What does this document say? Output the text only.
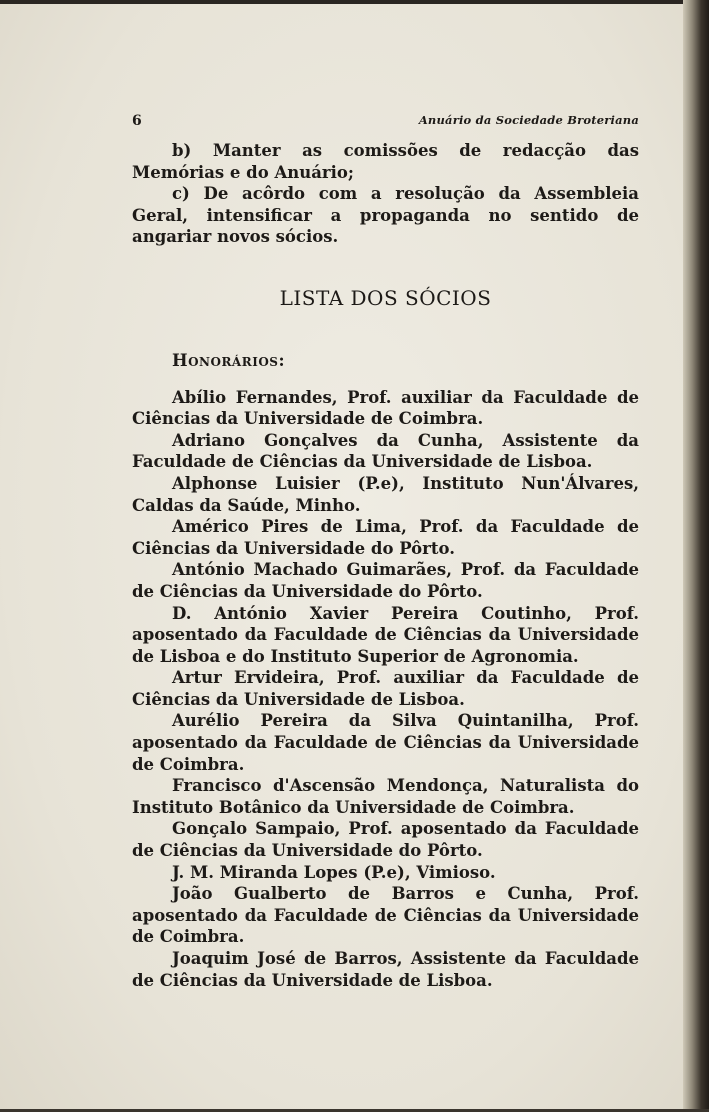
6	Anuário da Sociedade Broteriana

b) Manter as comissões de redacção das Memórias e do Anuário;

c) De acôrdo com a resolução da Assembleia Geral, intensificar a propaganda no sentido de angariar novos sócios.

LISTA DOS SÓCIOS

Honorários:

Abílio Fernandes, Prof. auxiliar da Faculdade de Ciências da Universidade de Coimbra.

Adriano Gonçalves da Cunha, Assistente da Faculdade de Ciências da Universidade de Lisboa.

Alphonse Luisier (P.e), Instituto Nun'Álvares, Caldas da Saúde, Minho.

Américo Pires de Lima, Prof. da Faculdade de Ciências da Universidade do Pôrto.

António Machado Guimarães, Prof. da Faculdade de Ciências da Universidade do Pôrto.

D. António Xavier Pereira Coutinho, Prof. aposentado da Faculdade de Ciências da Universidade de Lisboa e do Instituto Superior de Agronomia.

Artur Ervideira, Prof. auxiliar da Faculdade de Ciências da Universidade de Lisboa.

Aurélio Pereira da Silva Quintanilha, Prof. aposentado da Faculdade de Ciências da Universidade de Coimbra.

Francisco d'Ascensão Mendonça, Naturalista do Instituto Botânico da Universidade de Coimbra.

Gonçalo Sampaio, Prof. aposentado da Faculdade de Ciências da Universidade do Pôrto.

J. M. Miranda Lopes (P.e), Vimioso.

João Gualberto de Barros e Cunha, Prof. aposentado da Faculdade de Ciências da Universidade de Coimbra.

Joaquim José de Barros, Assistente da Faculdade de Ciências da Universidade de Lisboa.
